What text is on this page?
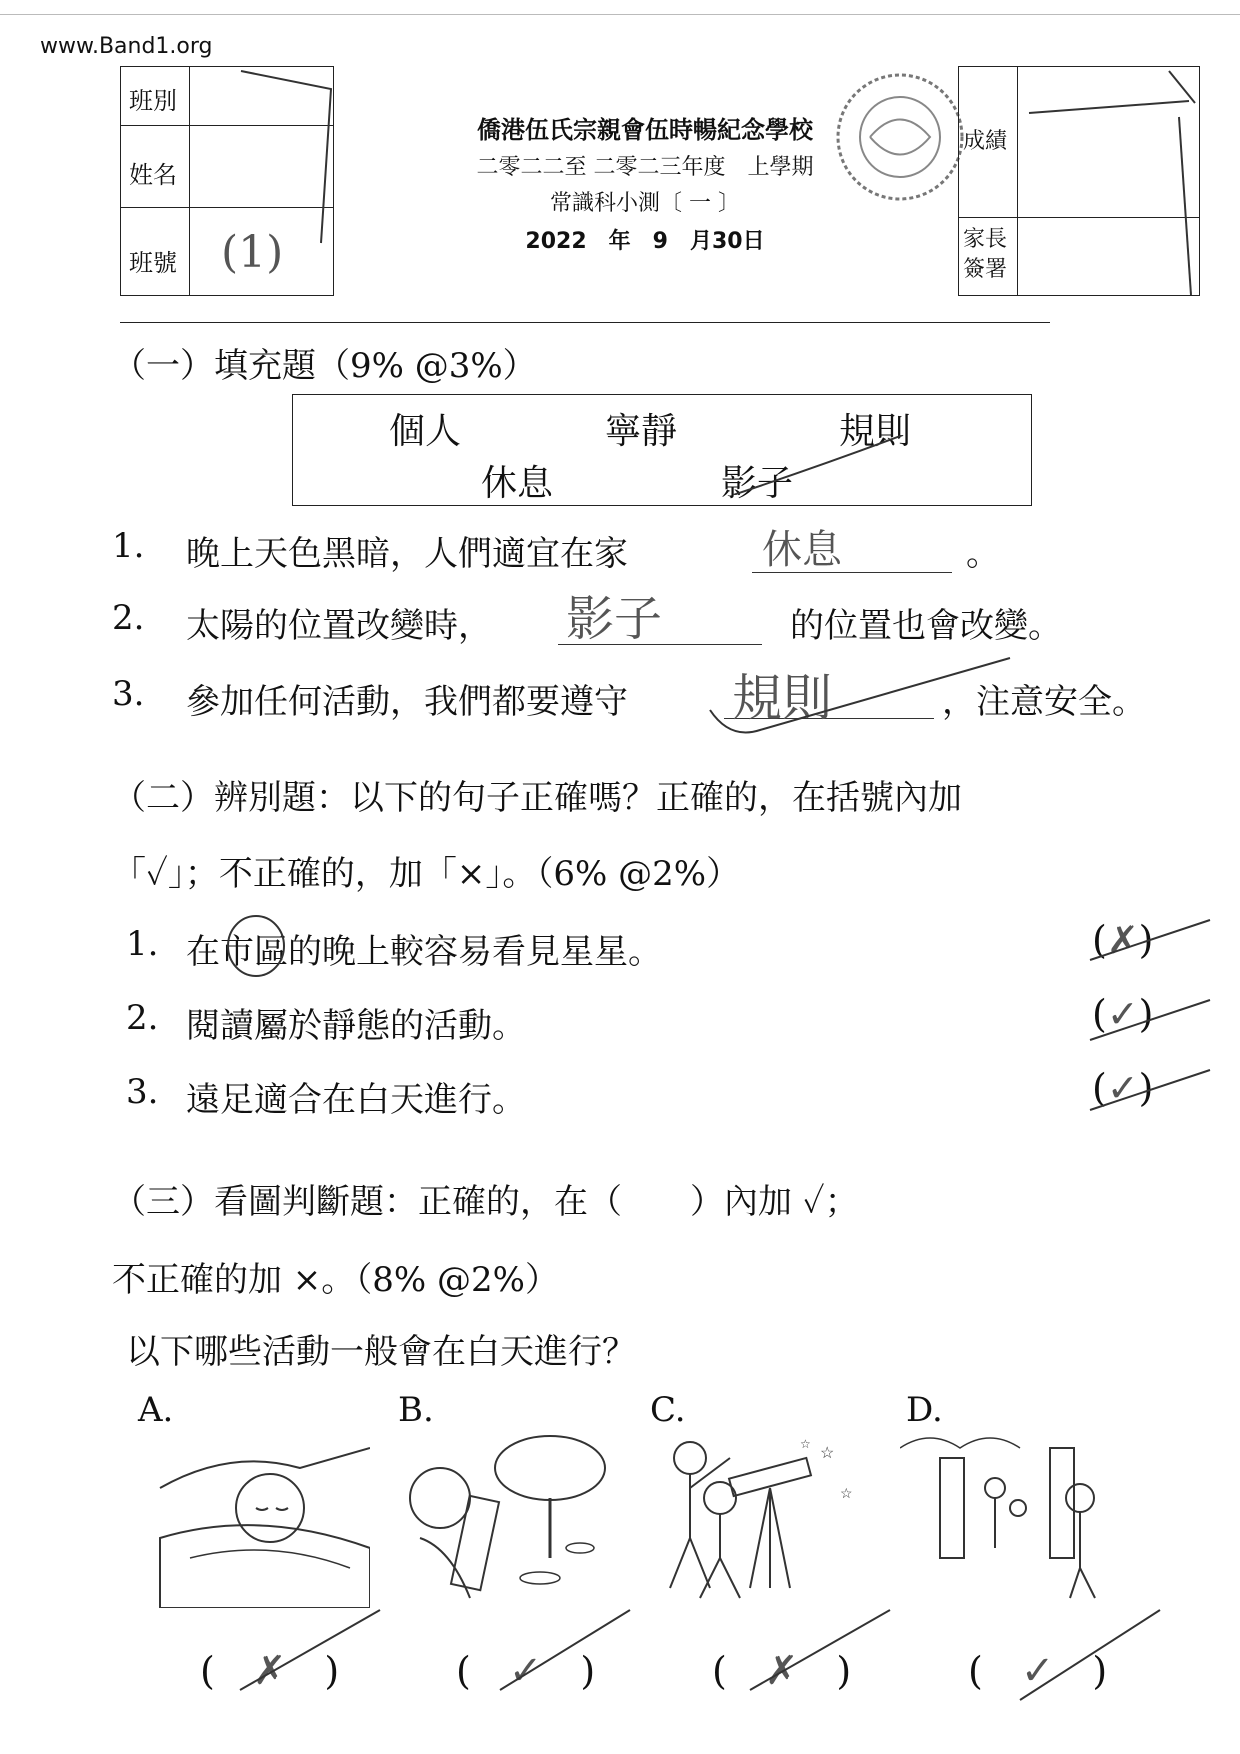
www.Band1.org
班別
姓名
班號 (1)
僑港伍氏宗親會伍時暢紀念學校
二零二二至 二零二三年度　上學期
常識科小測〔 一 〕
2022　年　9　月30日
成績
家長簽署
（一）填充題（9% @3%）
個人	寧靜	規則
休息	影子
1. 晚上天色黑暗，人們適宜在家	休息	。
2. 太陽的位置改變時， 影子	的位置也會改變。
3. 參加任何活動，我們都要遵守 規則	，注意安全。
（二）辨別題：以下的句子正確嗎？正確的，在括號內加
「✓」；不正確的，加「×」。（6% @2%）
1. 在市區的晚上較容易看見星星。	(✗)
2. 閱讀屬於靜態的活動。	(✓)
3. 遠足適合在白天進行。	(✓)
（三）看圖判斷題：正確的，在（　　）內加 ✓；
不正確的加 ×。（8% @2%）
以下哪些活動一般會在白天進行？
A.	B.	C.	D.
☆
☆
☆
(　✗　)	(　✓　)	(　✗　)	(　✓　)
